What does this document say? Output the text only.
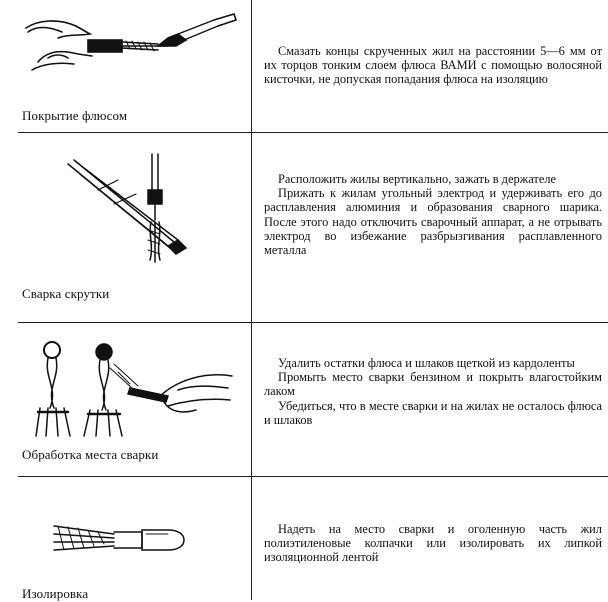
Покрытие флюсом

Смазать концы скрученных жил на расстоянии 5—6 мм от их торцов тонким слоем флюса ВАМИ с помощью волосяной кисточки, не допуская попадания флюса на изоляцию

Сварка скрутки

Расположить жилы вертикально, зажать в держателе

Прижать к жилам угольный электрод и удерживать его до расплавления алюминия и образования сварного шарика. После этого надо отключить сварочный аппарат, а не отрывать электрод во избежание разбрызгивания расплавленного металла

Обработка места сварки

Удалить остатки флюса и шлаков щеткой из кардоленты

Промыть место сварки бензином и покрыть влагостойким лаком

Убедиться, что в месте сварки и на жилах не осталось флюса и шлаков

Изолировка

Надеть на место сварки и оголенную часть жил полиэтиленовые колпачки или изолировать их липкой изоляционной лентой
